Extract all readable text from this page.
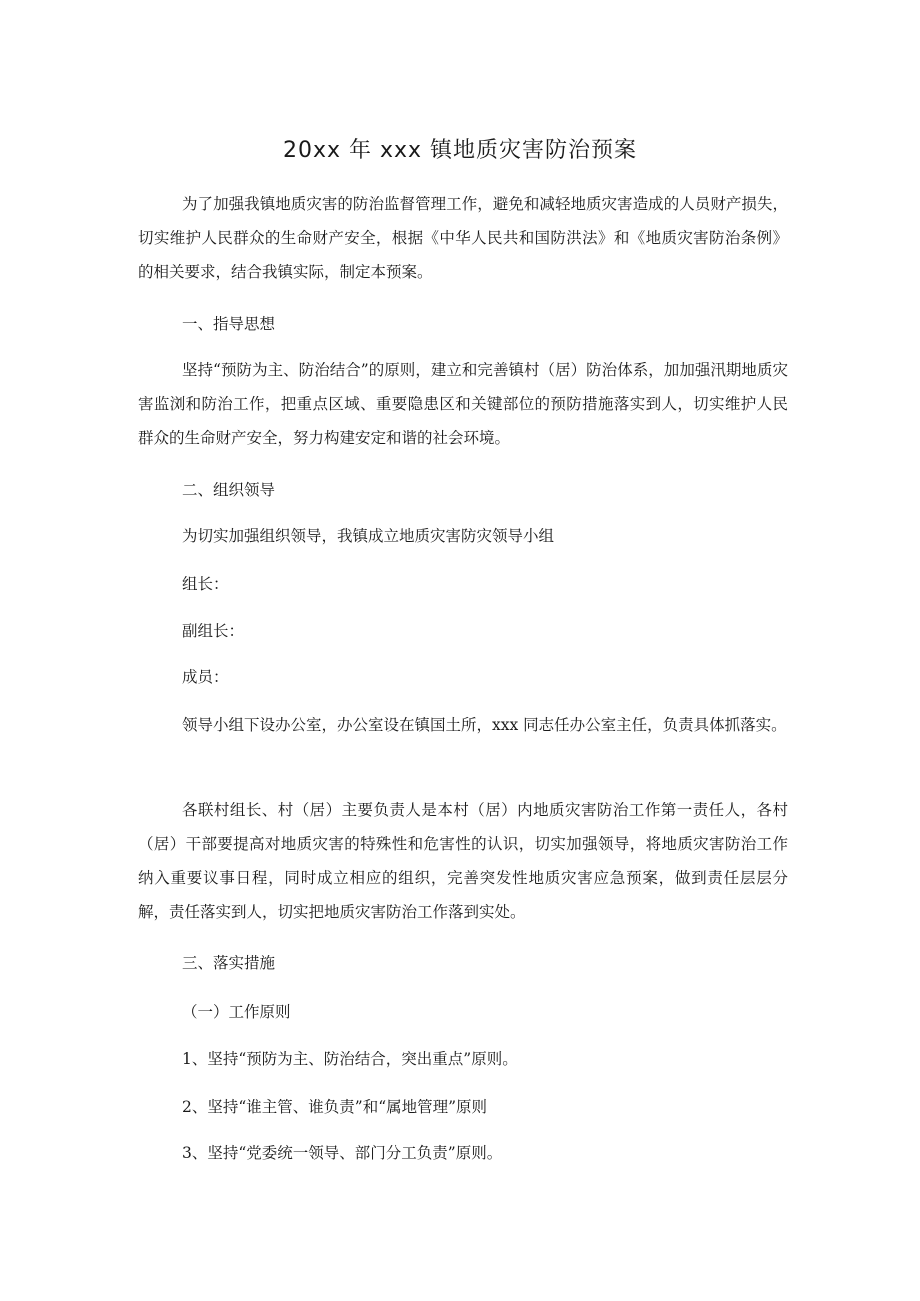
20xx 年 xxx 镇地质灾害防治预案

为了加强我镇地质灾害的防治监督管理工作，避免和减轻地质灾害造成的人员财产损失，切实维护人民群众的生命财产安全，根据《中华人民共和国防洪法》和《地质灾害防治条例》的相关要求，结合我镇实际，制定本预案。

一、指导思想

坚持“预防为主、防治结合”的原则，建立和完善镇村（居）防治体系，加加强汛期地质灾害监浏和防治工作，把重点区域、重要隐患区和关键部位的预防措施落实到人，切实维护人民群众的生命财产安全，努力构建安定和谐的社会环境。

二、组织领导

为切实加强组织领导，我镇成立地质灾害防灾领导小组

组长：

副组长：

成员：

领导小组下设办公室，办公室设在镇国土所，xxx 同志任办公室主任，负责具体抓落实。

各联村组长、村（居）主要负责人是本村（居）内地质灾害防治工作第一责任人，各村（居）干部要提高对地质灾害的特殊性和危害性的认识，切实加强领导，将地质灾害防治工作纳入重要议事日程，同时成立相应的组织，完善突发性地质灾害应急预案，做到责任层层分解，责任落实到人，切实把地质灾害防治工作落到实处。

三、落实措施

（一）工作原则

1、坚持“预防为主、防治结合，突出重点”原则。

2、坚持“谁主管、谁负责”和“属地管理”原则

3、坚持“党委统一领导、部门分工负责”原则。
